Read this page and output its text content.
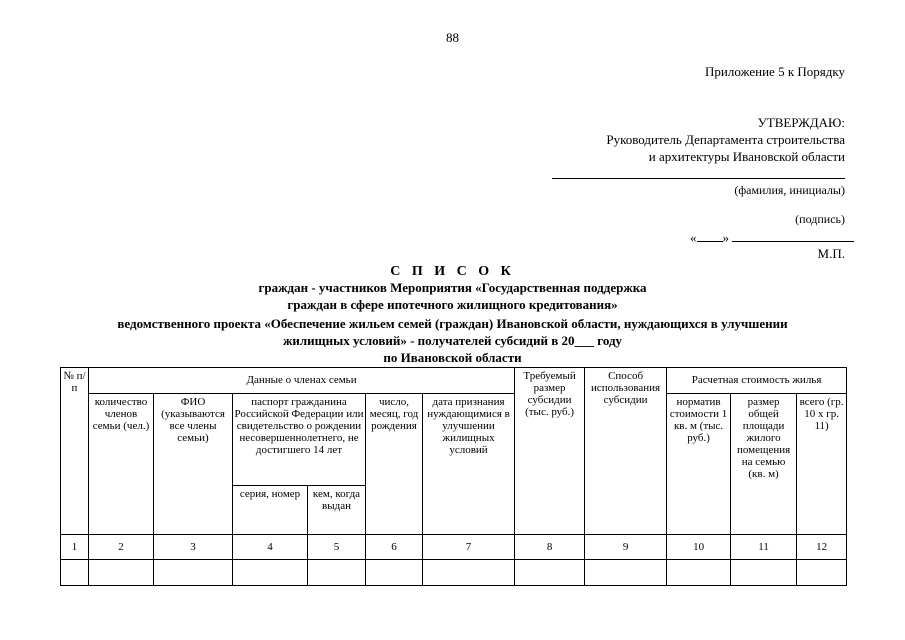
88
Приложение 5 к Порядку
УТВЕРЖДАЮ:
Руководитель Департамента строительства
и архитектуры Ивановской области
(фамилия, инициалы)
(подпись)
« »
М.П.
С П И С О К
граждан - участников Мероприятия «Государственная поддержка
граждан в сфере ипотечного жилищного кредитования»
ведомственного проекта «Обеспечение жильем семей (граждан) Ивановской области, нуждающихся в улучшении
жилищных условий» - получателей субсидий в 20___ году
по Ивановской области
№ п/п	Данные о членах семьи						Требуемый размер субсидии (тыс. руб.)	Способ использования субсидии	Расчетная стоимость жилья		
	количество членов семьи (чел.)	ФИО (указываются все члены семьи)	паспорт гражданина Российской Федерации или свидетельство о рождении несовершеннолетнего, не достигшего 14 лет		число, месяц, год рождения	дата признания нуждающимися в улучшении жилищных условий			норматив стоимости 1 кв. м (тыс. руб.)	размер общей площади жилого помещения на семью (кв. м)	всего (гр. 10 x гр. 11)
			серия, номер	кем, когда выдан							
1	2	3	4	5	6	7	8	9	10	11	12
